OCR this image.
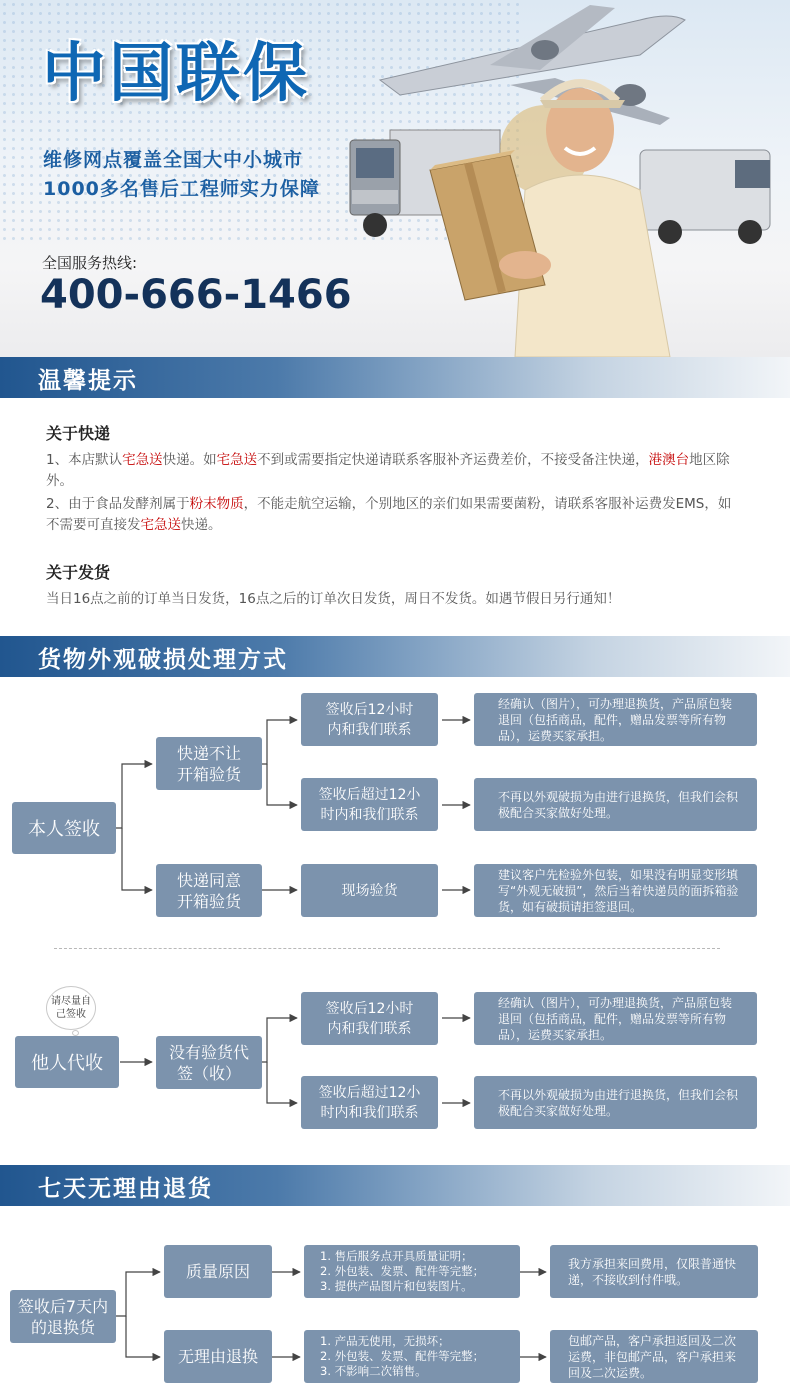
中国联保
维修网点覆盖全国大中小城市
1000多名售后工程师实力保障
全国服务热线:
400-666-1466
温馨提示
关于快递
1、本店默认宅急送快递。如宅急送不到或需要指定快递请联系客服补齐运费差价，不接受备注快递，港澳台地区除外。
2、由于食品发酵剂属于粉末物质，不能走航空运输，个别地区的亲们如果需要菌粉，请联系客服补运费发EMS，如不需要可直接发宅急送快递。
关于发货
当日16点之前的订单当日发货，16点之后的订单次日发货，周日不发货。如遇节假日另行通知！
货物外观破损处理方式
本人签收
快递不让开箱验货
快递同意开箱验货
签收后12小时内和我们联系
签收后超过12小时内和我们联系
现场验货
经确认（图片），可办理退换货，产品原包装退回（包括商品，配件，赠品发票等所有物品），运费买家承担。
不再以外观破损为由进行退换货，但我们会积极配合买家做好处理。
建议客户先检验外包装，如果没有明显变形填写“外观无破损”，然后当着快递员的面拆箱验货，如有破损请拒签退回。
请尽量自己签收
他人代收
没有验货代签（收）
签收后12小时内和我们联系
签收后超过12小时内和我们联系
经确认（图片），可办理退换货，产品原包装退回（包括商品，配件，赠品发票等所有物品），运费买家承担。
不再以外观破损为由进行退换货，但我们会积极配合买家做好处理。
七天无理由退货
签收后7天内的退换货
质量原因
无理由退换
1. 售后服务点开具质量证明；
2. 外包装、发票、配件等完整；
3. 提供产品图片和包装图片。
1. 产品无使用，无损坏；
2. 外包装、发票、配件等完整；
3. 不影响二次销售。
我方承担来回费用，仅限普通快递，不接收到付件哦。
包邮产品，客户承担返回及二次运费，非包邮产品，客户承担来回及二次运费。
